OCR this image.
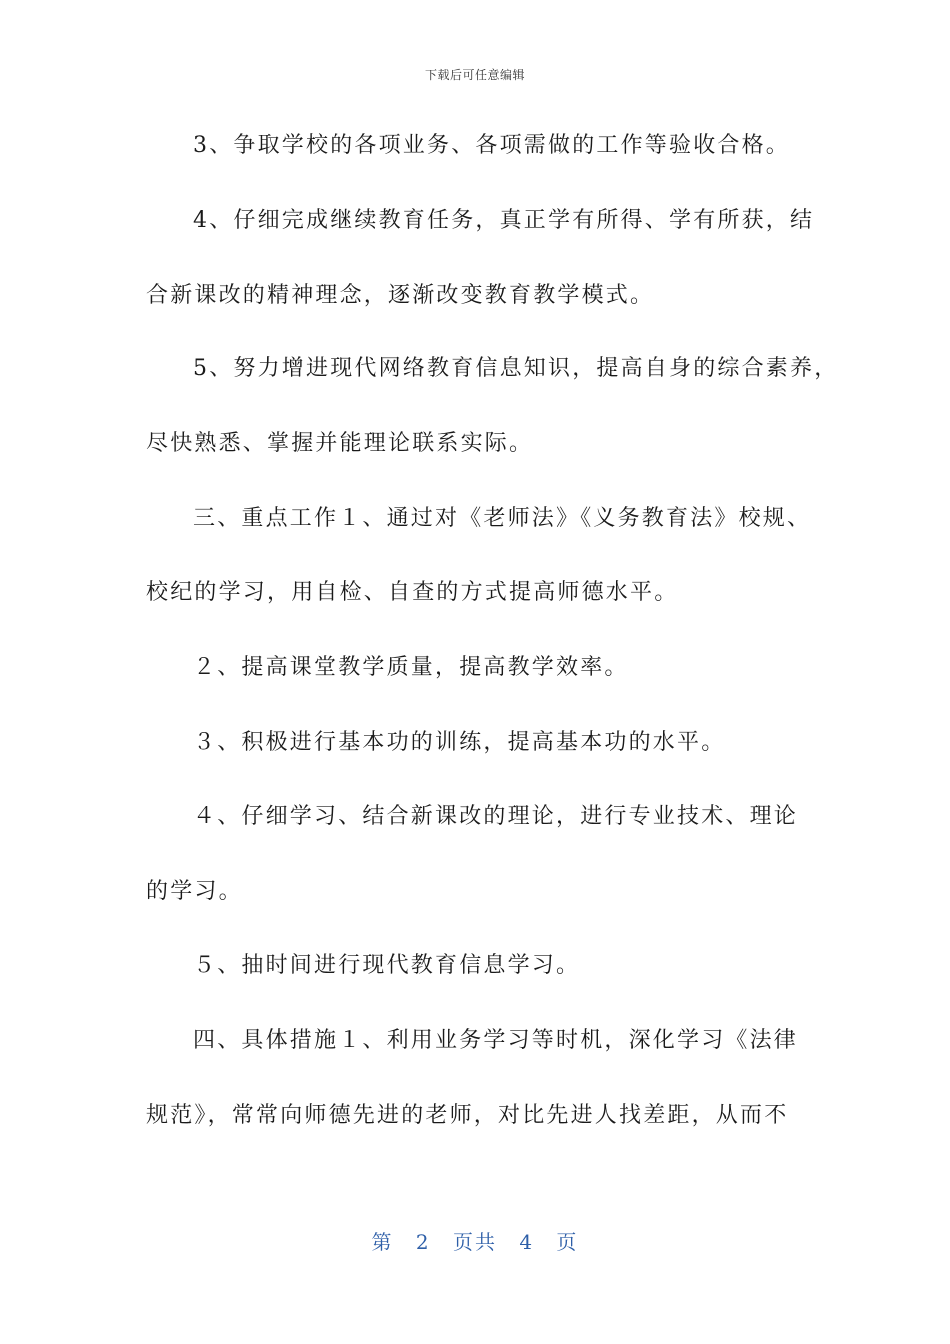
下载后可任意编辑
3、争取学校的各项业务、各项需做的工作等验收合格。
4、仔细完成继续教育任务，真正学有所得、学有所获，结
合新课改的精神理念，逐渐改变教育教学模式。
5、努力增进现代网络教育信息知识，提高自身的综合素养，
尽快熟悉、掌握并能理论联系实际。
三、重点工作１、通过对《老师法》《义务教育法》校规、
校纪的学习，用自检、自查的方式提高师德水平。
２、提高课堂教学质量，提高教学效率。
３、积极进行基本功的训练，提高基本功的水平。
４、仔细学习、结合新课改的理论，进行专业技术、理论
的学习。
５、抽时间进行现代教育信息学习。
四、具体措施１、利用业务学习等时机，深化学习《法律
规范》，常常向师德先进的老师，对比先进人找差距，从而不
第 2 页共 4 页
